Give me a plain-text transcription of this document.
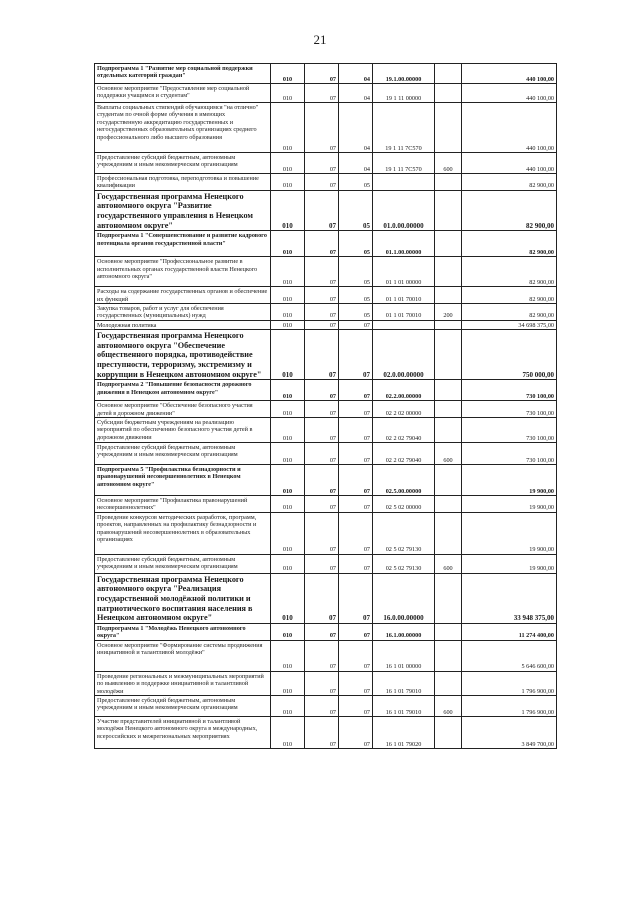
21
Подпрограмма 1 "Развитие мер социальной поддержки отдельных категорий граждан"	010	07	04	19.1.00.00000		440 100,00
Основное мероприятие "Предоставление мер социальной поддержки учащимся и студентам"	010	07	04	19 1 11 00000		440 100,00
Выплаты социальных стипендий обучающимся "на отлично" студентам по очной форме обучения в имеющих государственную аккредитацию государственных и негосударственных образовательных организациях среднего профессионального либо высшего образования	010	07	04	19 1 11 7С570		440 100,00
Предоставление субсидий бюджетным, автономным учреждениям и иным некоммерческим организациям	010	07	04	19 1 11 7С570	600	440 100,00
Профессиональная подготовка, переподготовка и повышение квалификации	010	07	05			82 900,00
Государственная программа Ненецкого автономного округа "Развитие государственного управления в Ненецком автономном округе"	010	07	05	01.0.00.00000		82 900,00
Подпрограмма 1 "Совершенствование и развитие кадрового потенциала органов государственной власти"	010	07	05	01.1.00.00000		82 900,00
Основное мероприятие "Профессиональное развитие в исполнительных органах государственной власти Ненецкого автономного округа"	010	07	05	01 1 01 00000		82 900,00
Расходы на содержание государственных органов и обеспечение их функций	010	07	05	01 1 01 70010		82 900,00
Закупка товаров, работ и услуг для обеспечения государственных (муниципальных) нужд	010	07	05	01 1 01 70010	200	82 900,00
Молодежная политика	010	07	07			34 698 375,00
Государственная программа Ненецкого автономного округа "Обеспечение общественного порядка, противодействие преступности, терроризму, экстремизму и коррупции в Ненецком автономном округе"	010	07	07	02.0.00.00000		750 000,00
Подпрограмма 2 "Повышение безопасности дорожного движения в Ненецком автономном округе"	010	07	07	02.2.00.00000		730 100,00
Основное мероприятие "Обеспечение безопасного участия детей в дорожном движении"	010	07	07	02 2 02 00000		730 100,00
Субсидии бюджетным учреждениям на реализацию мероприятий по обеспечению безопасного участия детей в дорожном движении	010	07	07	02 2 02 79040		730 100,00
Предоставление субсидий бюджетным, автономным учреждениям и иным некоммерческим организациям	010	07	07	02 2 02 79040	600	730 100,00
Подпрограмма 5 "Профилактика безнадзорности и правонарушений несовершеннолетних в Ненецком автономном округе"	010	07	07	02.5.00.00000		19 900,00
Основное мероприятие "Профилактика правонарушений несовершеннолетних"	010	07	07	02 5 02 00000		19 900,00
Проведение конкурсов методических разработок, программ, проектов, направленных на профилактику безнадзорности и правонарушений несовершеннолетних в образовательных организациях	010	07	07	02 5 02 79130		19 900,00
Предоставление субсидий бюджетным, автономным учреждениям и иным некоммерческим организациям	010	07	07	02 5 02 79130	600	19 900,00
Государственная программа Ненецкого автономного округа "Реализация государственной молодёжной политики и патриотического воспитания населения в Ненецком автономном округе"	010	07	07	16.0.00.00000		33 948 375,00
Подпрограмма 1 "Молодёжь Ненецкого автономного округа"	010	07	07	16.1.00.00000		11 274 400,00
Основное мероприятие "Формирование системы продвижения инициативной и талантливой молодёжи"	010	07	07	16 1 01 00000		5 646 600,00
Проведение региональных и межмуниципальных мероприятий по выявлению и поддержке инициативной и талантливой молодёжи	010	07	07	16 1 01 79010		1 796 900,00
Предоставление субсидий бюджетным, автономным учреждениям и иным некоммерческим организациям	010	07	07	16 1 01 79010	600	1 796 900,00
Участие представителей инициативной и талантливой молодёжи Ненецкого автономного округа в международных, всероссийских и межрегиональных мероприятиях	010	07	07	16 1 01 79020		3 849 700,00
